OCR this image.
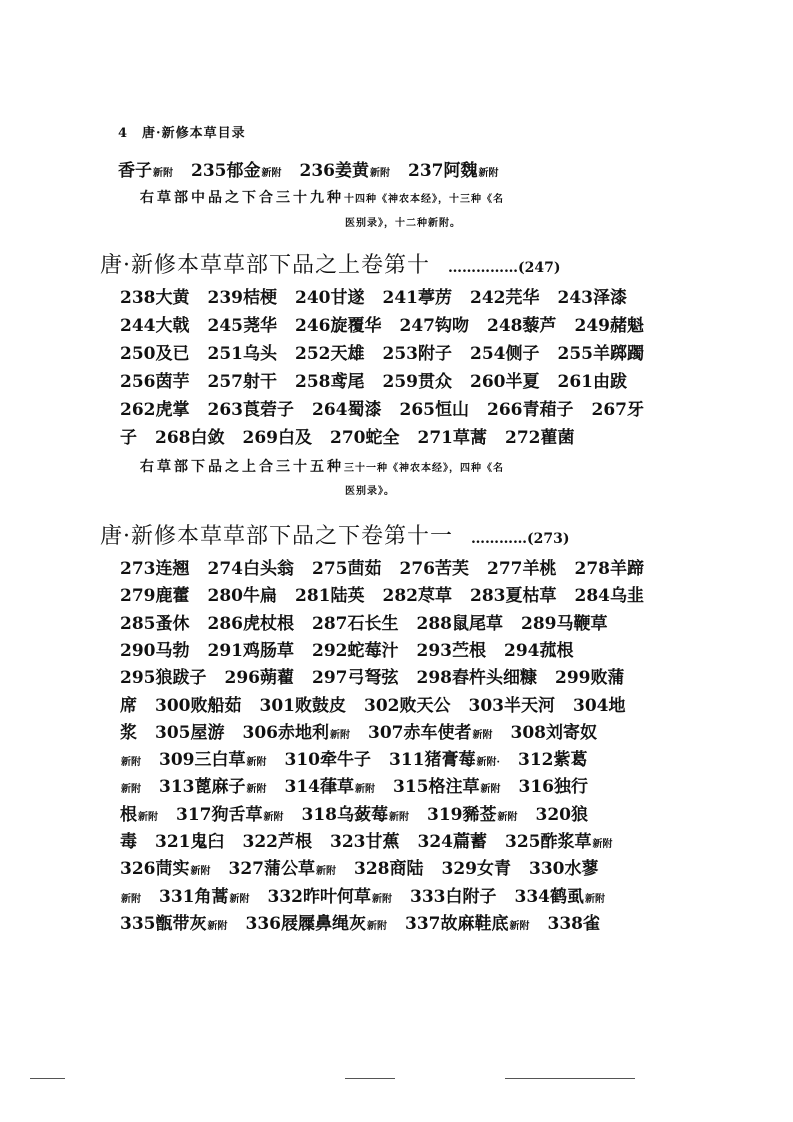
4 唐·新修本草目录
香子新附 235郁金新附 236姜黄新附 237阿魏新附
右草部中品之下合三十九种十四种《神农本经》，十三种《名
医别录》，十二种新附。
唐·新修本草草部下品之上卷第十 ……………(247)
238大黄 239桔梗 240甘遂 241葶苈 242芫华 243泽漆
244大戟 245荛华 246旋覆华 247钩吻 248藜芦 249赭魁
250及已 251乌头 252天雄 253附子 254侧子 255羊踯躅
256茵芋 257射干 258鸢尾 259贯众 260半夏 261由跋
262虎掌 263莨菪子 264蜀漆 265恒山 266青葙子 267牙
子 268白敛 269白及 270蛇全 271草蒿 272雚菌
右草部下品之上合三十五种三十一种《神农本经》，四种《名
医别录》。
唐·新修本草草部下品之下卷第十一 …………(273)
273连翘 274白头翁 275茴茹 276苦芙 277羊桃 278羊蹄
279鹿藿 280牛扁 281陆英 282荩草 283夏枯草 284乌韭
285蚤休 286虎杖根 287石长生 288鼠尾草 289马鞭草
290马勃 291鸡肠草 292蛇莓汁 293苎根 294菰根
295狼跋子 296蒴藋 297弓弩弦 298舂杵头细糠 299败蒲
席 300败船茹 301败鼓皮 302败天公 303半天河 304地
浆 305屋游 306赤地利新附 307赤车使者新附 308刘寄奴
新附 309三白草新附 310牵牛子 311猪膏莓新附· 312紫葛
新附 313蓖麻子新附 314葎草新附 315格注草新附 316独行
根新附 317狗舌草新附 318乌蔹莓新附 319豨莶新附 320狼
毒 321鬼臼 322芦根 323甘蕉 324萹蓄 325酢浆草新附
326茼实新附 327蒲公草新附 328商陆 329女青 330水蓼
新附 331角蒿新附 332昨叶何草新附 333白附子 334鹤虱新附
335甑带灰新附 336屐屧鼻绳灰新附 337故麻鞋底新附 338雀
